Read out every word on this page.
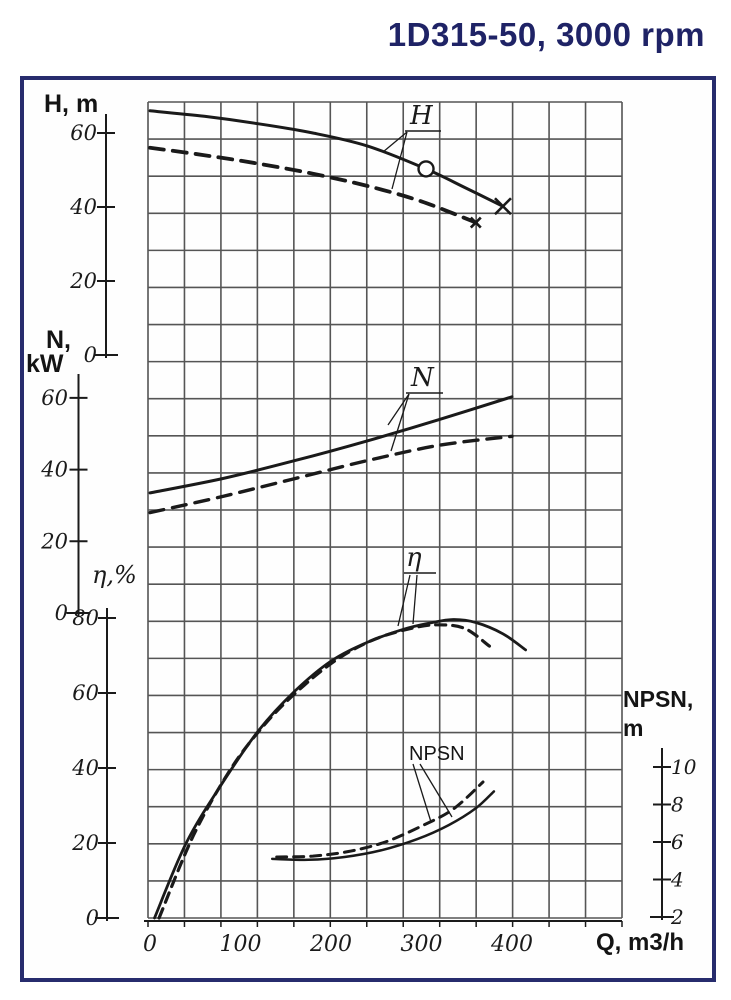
1D315-50, 3000 rpm
H, m
N,
kW
η,%
NPSN,
m
Q, m3/h
60
40
20
0
60
40
20
0 80
60
40
20
0
10
8
6
4
2
0	100 200 300 400
H
N
η
NPSN
